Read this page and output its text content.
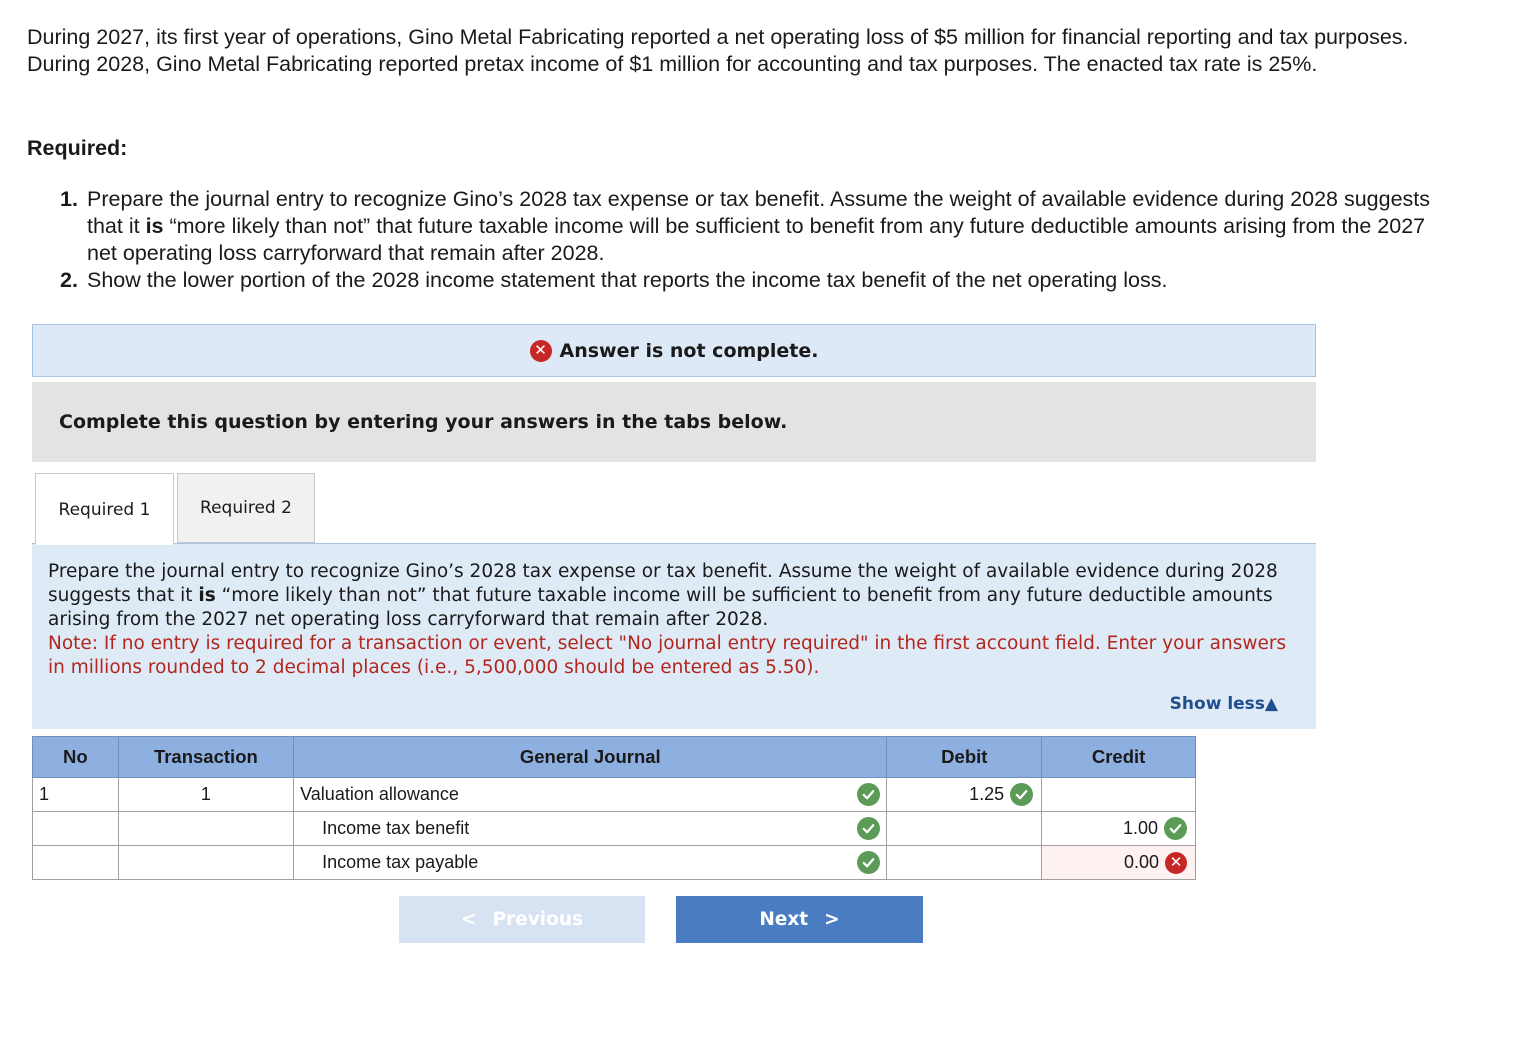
During 2027, its first year of operations, Gino Metal Fabricating reported a net operating loss of $5 million for financial reporting and tax purposes. During 2028, Gino Metal Fabricating reported pretax income of $1 million for accounting and tax purposes. The enacted tax rate is 25%.
Required:
1. Prepare the journal entry to recognize Gino’s 2028 tax expense or tax benefit. Assume the weight of available evidence during 2028 suggests that it is “more likely than not” that future taxable income will be sufficient to benefit from any future deductible amounts arising from the 2027 net operating loss carryforward that remain after 2028.
2. Show the lower portion of the 2028 income statement that reports the income tax benefit of the net operating loss.
✕ Answer is not complete.
Complete this question by entering your answers in the tabs below.
Required 1	Required 2
Prepare the journal entry to recognize Gino’s 2028 tax expense or tax benefit. Assume the weight of available evidence during 2028 suggests that it is “more likely than not” that future taxable income will be sufficient to benefit from any future deductible amounts arising from the 2027 net operating loss carryforward that remain after 2028.
Note: If no entry is required for a transaction or event, select "No journal entry required" in the first account field. Enter your answers in millions rounded to 2 decimal places (i.e., 5,500,000 should be entered as 5.50).
Show less▲
No	Transaction	General Journal	Debit	Credit
1	1	Valuation allowance	1.25	

		Income tax benefit		1.00

		Income tax payable		0.00 ✕
< Previous	Next >
